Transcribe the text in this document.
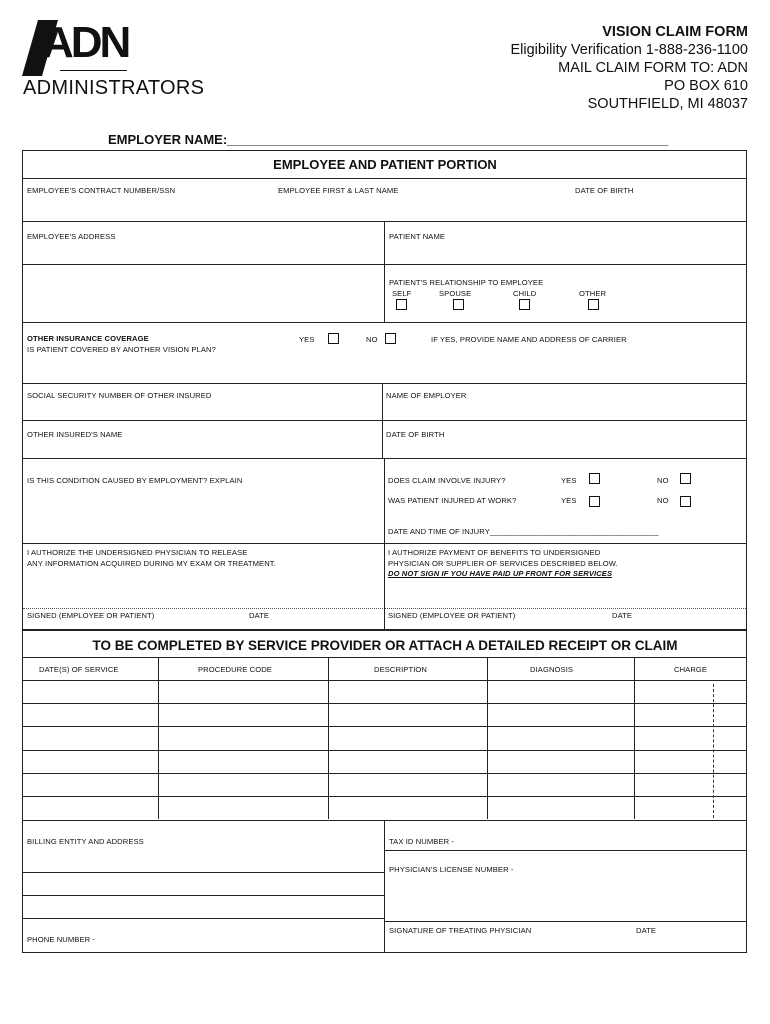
ADN
ADMINISTRATORS
VISION CLAIM FORM
Eligibility Verification 1-888-236-1100
MAIL CLAIM FORM TO: ADN
PO BOX 610
SOUTHFIELD, MI 48037
EMPLOYER NAME:_____________________________________________________________
EMPLOYEE AND PATIENT PORTION
EMPLOYEE'S CONTRACT NUMBER/SSN	EMPLOYEE FIRST & LAST NAME	DATE OF BIRTH
EMPLOYEE'S ADDRESS	PATIENT NAME
PATIENT'S RELATIONSHIP TO EMPLOYEE
SELF	SPOUSE	CHILD	OTHER
OTHER INSURANCE COVERAGE
IS PATIENT COVERED BY ANOTHER VISION PLAN?
YES	NO	IF YES, PROVIDE NAME AND ADDRESS OF CARRIER
SOCIAL SECURITY NUMBER OF OTHER INSURED	NAME OF EMPLOYER
OTHER INSURED'S NAME	DATE OF BIRTH
IS THIS CONDITION CAUSED BY EMPLOYMENT? EXPLAIN	DOES CLAIM INVOLVE INJURY?	YES	NO
WAS PATIENT INJURED AT WORK?	YES	NO
DATE AND TIME OF INJURY_______________________________________
I AUTHORIZE THE UNDERSIGNED PHYSICIAN TO RELEASE
ANY INFORMATION ACQUIRED DURING MY EXAM OR TREATMENT.
I AUTHORIZE PAYMENT OF BENEFITS TO UNDERSIGNED
PHYSICIAN OR SUPPLIER OF SERVICES DESCRIBED BELOW.
DO NOT SIGN IF YOU HAVE PAID UP FRONT FOR SERVICES
SIGNED (EMPLOYEE OR PATIENT)	DATE	SIGNED (EMPLOYEE OR PATIENT)	DATE
TO BE COMPLETED BY SERVICE PROVIDER OR ATTACH A DETAILED RECEIPT OR CLAIM
DATE(S) OF SERVICE	PROCEDURE CODE	DESCRIPTION	DIAGNOSIS	CHARGE
BILLING ENTITY AND ADDRESS
PHONE NUMBER -
TAX ID NUMBER -
PHYSICIAN'S LICENSE NUMBER -
SIGNATURE OF TREATING PHYSICIAN	DATE
